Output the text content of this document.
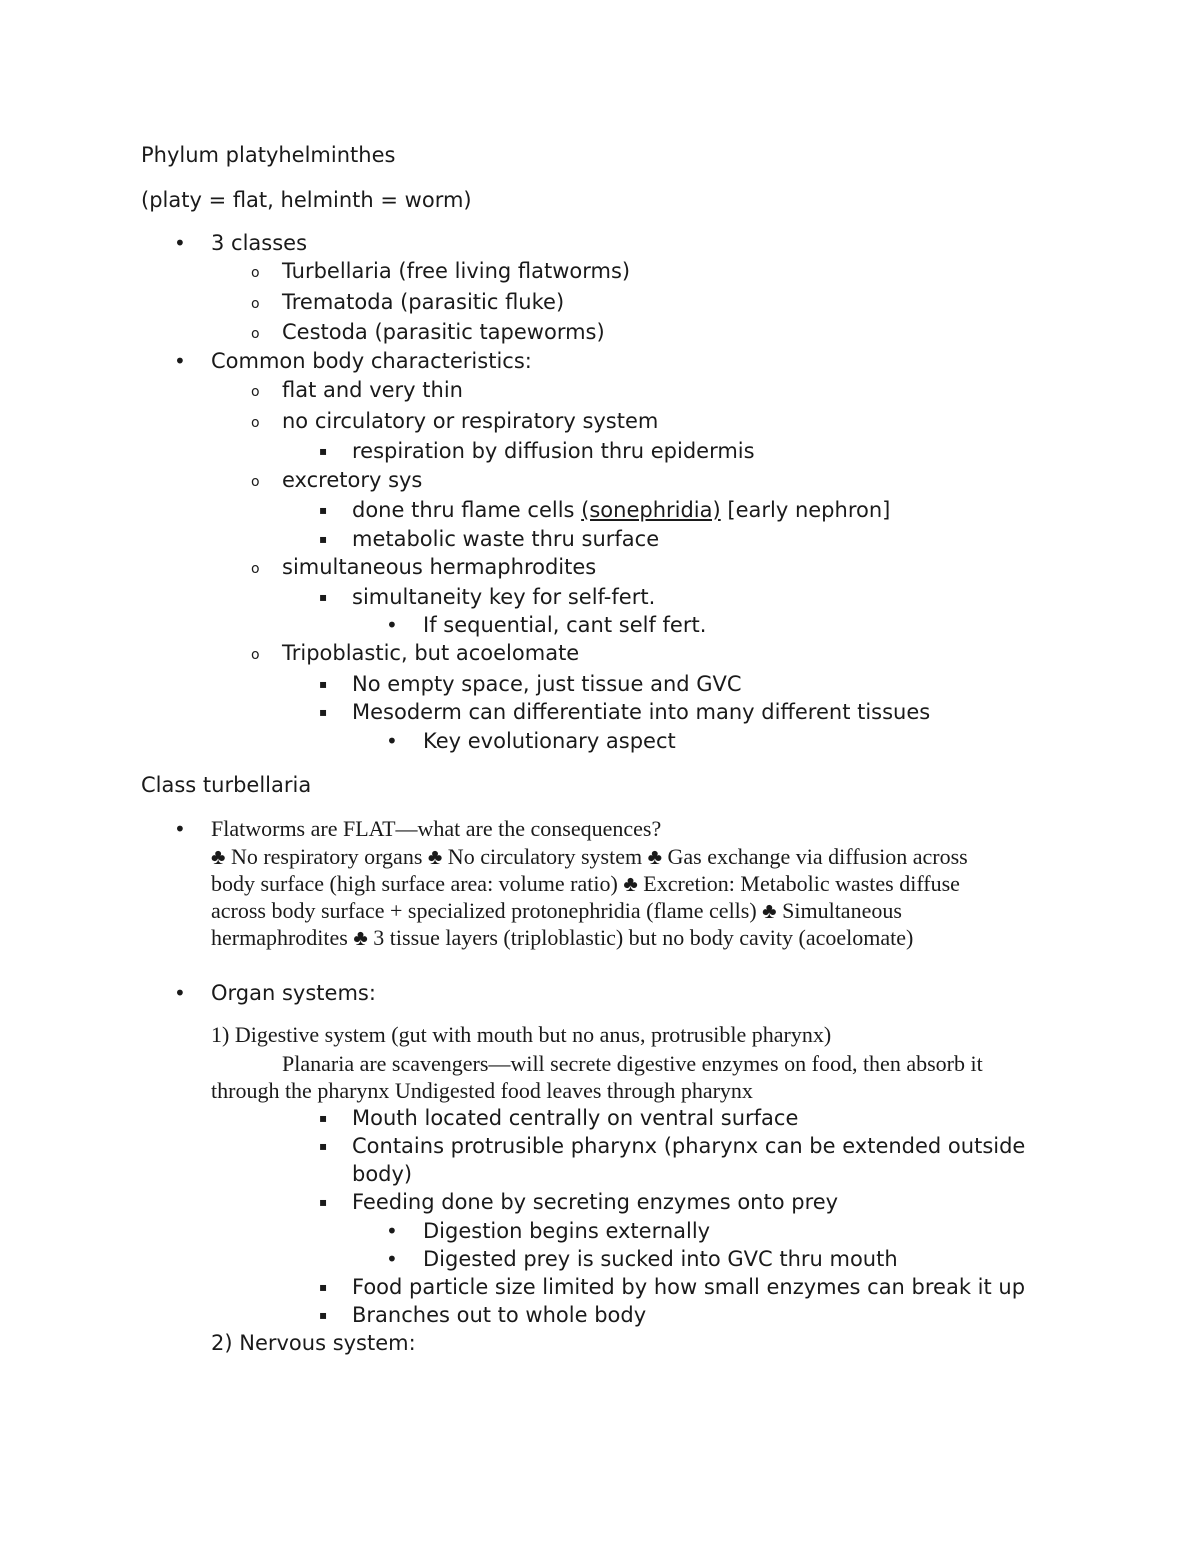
Phylum platyhelminthes
(platy = flat, helminth = worm)
• 3 classes
o Turbellaria (free living flatworms)
o Trematoda (parasitic fluke)
o Cestoda (parasitic tapeworms)
• Common body characteristics:
o flat and very thin
o no circulatory or respiratory system
▪ respiration by diffusion thru epidermis
o excretory sys
▪ done thru flame cells (sonephridia) [early nephron]
▪ metabolic waste thru surface
o simultaneous hermaphrodites
▪ simultaneity key for self-fert.
• If sequential, cant self fert.
o Tripoblastic, but acoelomate
▪ No empty space, just tissue and GVC
▪ Mesoderm can differentiate into many different tissues
• Key evolutionary aspect
Class turbellaria
• Flatworms are FLAT—what are the consequences?
♣ No respiratory organs ♣ No circulatory system ♣ Gas exchange via diffusion across
body surface (high surface area: volume ratio) ♣ Excretion: Metabolic wastes diffuse
across body surface + specialized protonephridia (flame cells) ♣ Simultaneous
hermaphrodites ♣ 3 tissue layers (triploblastic) but no body cavity (acoelomate)
• Organ systems:
1) Digestive system (gut with mouth but no anus, protrusible pharynx)
Planaria are scavengers—will secrete digestive enzymes on food, then absorb it
through the pharynx Undigested food leaves through pharynx
▪ Mouth located centrally on ventral surface
▪ Contains protrusible pharynx (pharynx can be extended outside
body)
▪ Feeding done by secreting enzymes onto prey
• Digestion begins externally
• Digested prey is sucked into GVC thru mouth
▪ Food particle size limited by how small enzymes can break it up
▪ Branches out to whole body
2) Nervous system:
